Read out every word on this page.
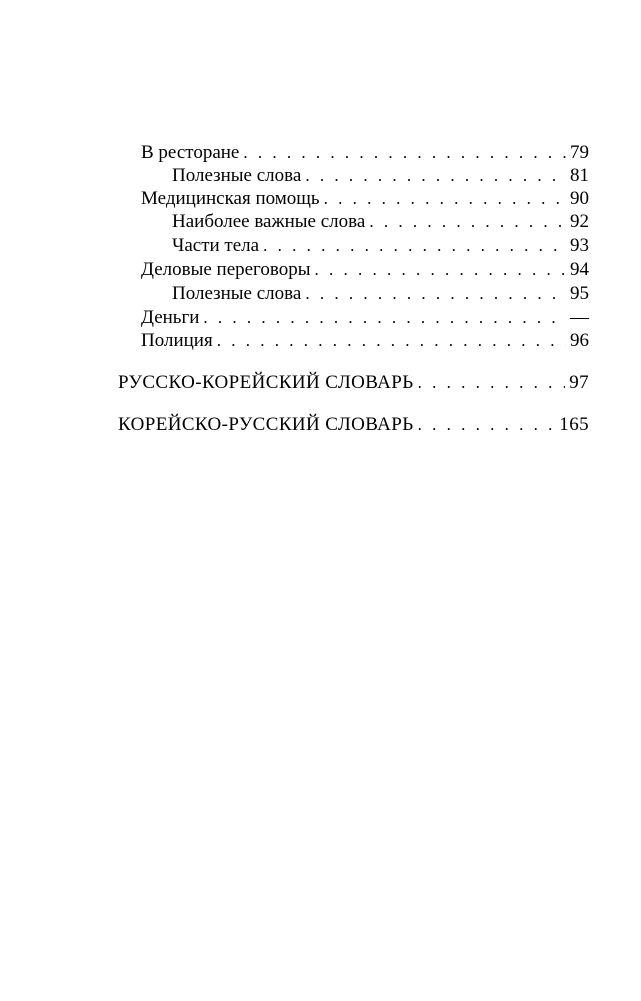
В ресторане . . .	79
Полезные слова . . .	81
Медицинская помощь . . .	90
Наиболее важные слова . . .	92
Части тела . . .	93
Деловые переговоры . . .	94
Полезные слова . . .	95
Деньги . . .	—
Полиция . . .	96
РУССКО-КОРЕЙСКИЙ СЛОВАРЬ . . .	97
КОРЕЙСКО-РУССКИЙ СЛОВАРЬ . . .	165
